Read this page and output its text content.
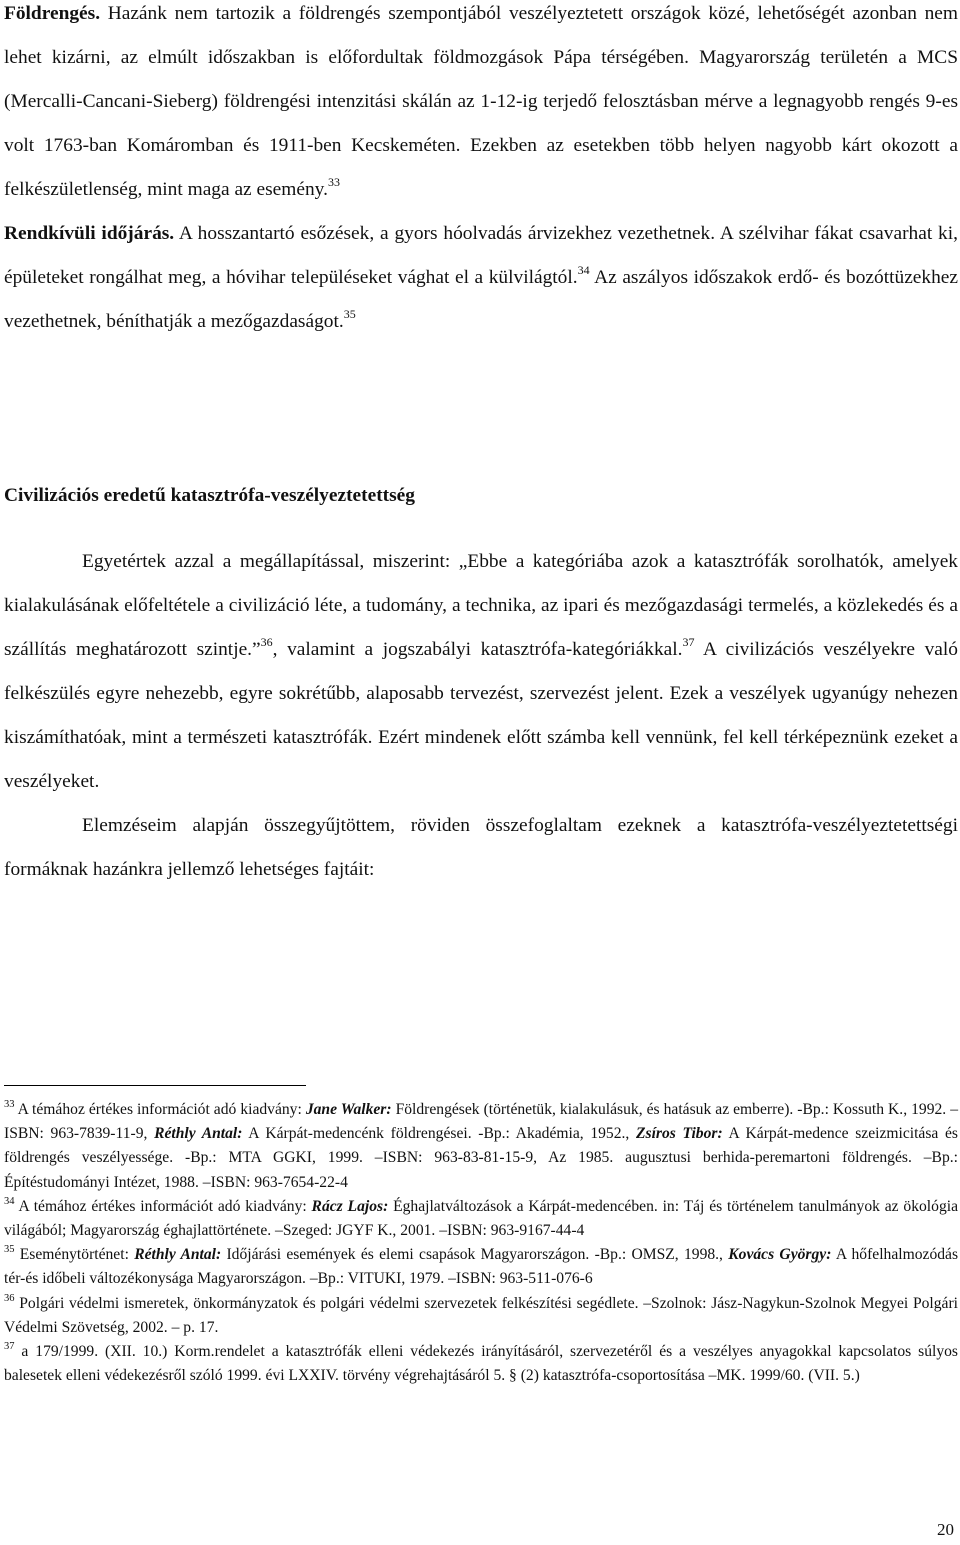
Földrengés. Hazánk nem tartozik a földrengés szempontjából veszélyeztetett országok közé, lehetőségét azonban nem lehet kizárni, az elmúlt időszakban is előfordultak földmozgások Pápa térségében. Magyarország területén a MCS (Mercalli-Cancani-Sieberg) földrengési intenzitási skálán az 1-12-ig terjedő felosztásban mérve a legnagyobb rengés 9-es volt 1763-ban Komáromban és 1911-ben Kecskeméten. Ezekben az esetekben több helyen nagyobb kárt okozott a felkészületlenség, mint maga az esemény.$^{33}$

Rendkívüli időjárás. A hosszantartó esőzések, a gyors hóolvadás árvizekhez vezethetnek. A szélvihar fákat csavarhat ki, épületeket rongálhat meg, a hóvihar településeket vághat el a külvilágtól.$^{34}$ Az aszályos időszakok erdő- és bozóttüzekhez vezethetnek, béníthatják a mezőgazdaságot.$^{35}$

Civilizációs eredetű katasztrófa-veszélyeztetettség

Egyetértek azzal a megállapítással, miszerint: „Ebbe a kategóriába azok a katasztrófák sorolhatók, amelyek kialakulásának előfeltétele a civilizáció léte, a tudomány, a technika, az ipari és mezőgazdasági termelés, a közlekedés és a szállítás meghatározott szintje.”$^{36}$, valamint a jogszabályi katasztrófa-kategóriákkal.$^{37}$ A civilizációs veszélyekre való felkészülés egyre nehezebb, egyre sokrétűbb, alaposabb tervezést, szervezést jelent. Ezek a veszélyek ugyanúgy nehezen kiszámíthatóak, mint a természeti katasztrófák. Ezért mindenek előtt számba kell vennünk, fel kell térképeznünk ezeket a veszélyeket.

Elemzéseim alapján összegyűjtöttem, röviden összefoglaltam ezeknek a katasztrófa-veszélyeztetettségi formáknak hazánkra jellemző lehetséges fajtáit:

$^{33}$ A témához értékes információt adó kiadvány: Jane Walker: Földrengések (történetük, kialakulásuk, és hatásuk az emberre). -Bp.: Kossuth K., 1992. –ISBN: 963-7839-11-9, Réthly Antal: A Kárpát-medencénk földrengései. -Bp.: Akadémia, 1952., Zsíros Tibor: A Kárpát-medence szeizmicitása és földrengés veszélyessége. -Bp.: MTA GGKI, 1999. –ISBN: 963-83-81-15-9, Az 1985. augusztusi berhida-peremartoni földrengés. –Bp.: Építéstudományi Intézet, 1988. –ISBN: 963-7654-22-4

$^{34}$ A témához értékes információt adó kiadvány: Rácz Lajos: Éghajlatváltozások a Kárpát-medencében. in: Táj és történelem tanulmányok az ökológia világából; Magyarország éghajlattörténete. –Szeged: JGYF K., 2001. –ISBN: 963-9167-44-4

$^{35}$ Eseménytörténet: Réthly Antal: Időjárási események és elemi csapások Magyarországon. -Bp.: OMSZ, 1998., Kovács György: A hőfelhalmozódás tér-és időbeli változékonysága Magyarországon. –Bp.: VITUKI, 1979. –ISBN: 963-511-076-6

$^{36}$ Polgári védelmi ismeretek, önkormányzatok és polgári védelmi szervezetek felkészítési segédlete. –Szolnok: Jász-Nagykun-Szolnok Megyei Polgári Védelmi Szövetség, 2002. – p. 17.

$^{37}$ a 179/1999. (XII. 10.) Korm.rendelet a katasztrófák elleni védekezés irányításáról, szervezetéről és a veszélyes anyagokkal kapcsolatos súlyos balesetek elleni védekezésről szóló 1999. évi LXXIV. törvény végrehajtásáról 5. § (2) katasztrófa-csoportosítása –MK. 1999/60. (VII. 5.)

20
